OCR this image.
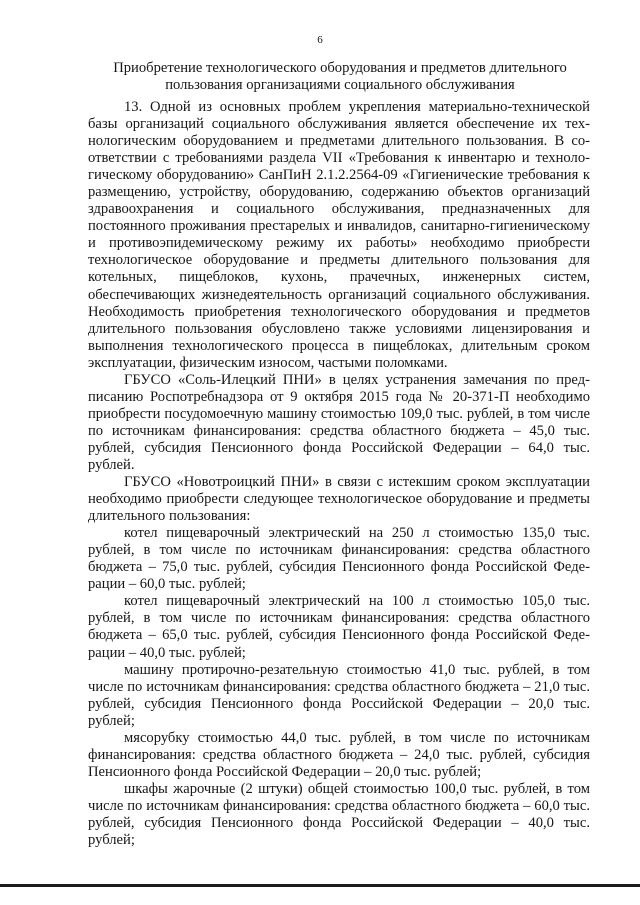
6
Приобретение технологического оборудования и предметов длительного
пользования организациями социального обслуживания

13. Одной из основных проблем укрепления материально-технической базы организаций социального обслуживания является обеспечение их технологическим оборудованием и предметами длительного пользования. В соответствии с требованиями раздела VII «Требования к инвентарю и технологическому оборудованию» СанПиН 2.1.2.2564-09 «Гигиенические требования к размещению, устройству, оборудованию, содержанию объектов организаций здравоохранения и социального обслуживания, предназначенных для постоянного проживания престарелых и инвалидов, санитарно-гигиеническому и противоэпидемическому режиму их работы» необходимо приобрести технологическое оборудование и предметы длительного пользования для котельных, пищеблоков, кухонь, прачечных, инженерных систем, обеспечивающих жизнедеятельность организаций социального обслуживания. Необходимость приобретения технологического оборудования и предметов длительного пользования обусловлено также условиями лицензирования и выполнения технологического процесса в пищеблоках, длительным сроком эксплуатации, физическим износом, частыми поломками.

ГБУСО «Соль-Илецкий ПНИ» в целях устранения замечания по предписанию Роспотребнадзора от 9 октября 2015 года № 20-371-П необходимо приобрести посудомоечную машину стоимостью 109,0 тыс. рублей, в том числе по источникам финансирования: средства областного бюджета – 45,0 тыс. рублей, субсидия Пенсионного фонда Российской Федерации – 64,0 тыс. рублей.

ГБУСО «Новотроицкий ПНИ» в связи с истекшим сроком эксплуатации необходимо приобрести следующее технологическое оборудование и предметы длительного пользования:

котел пищеварочный электрический на 250 л стоимостью 135,0 тыс. рублей, в том числе по источникам финансирования: средства областного бюджета – 75,0 тыс. рублей, субсидия Пенсионного фонда Российской Федерации – 60,0 тыс. рублей;

котел пищеварочный электрический на 100 л стоимостью 105,0 тыс. рублей, в том числе по источникам финансирования: средства областного бюджета – 65,0 тыс. рублей, субсидия Пенсионного фонда Российской Федерации – 40,0 тыс. рублей;

машину протирочно-резательную стоимостью 41,0 тыс. рублей, в том числе по источникам финансирования: средства областного бюджета – 21,0 тыс. рублей, субсидия Пенсионного фонда Российской Федерации – 20,0 тыс. рублей;

мясорубку стоимостью 44,0 тыс. рублей, в том числе по источникам финансирования: средства областного бюджета – 24,0 тыс. рублей, субсидия Пенсионного фонда Российской Федерации – 20,0 тыс. рублей;

шкафы жарочные (2 штуки) общей стоимостью 100,0 тыс. рублей, в том числе по источникам финансирования: средства областного бюджета – 60,0 тыс. рублей, субсидия Пенсионного фонда Российской Федерации – 40,0 тыс. рублей;
